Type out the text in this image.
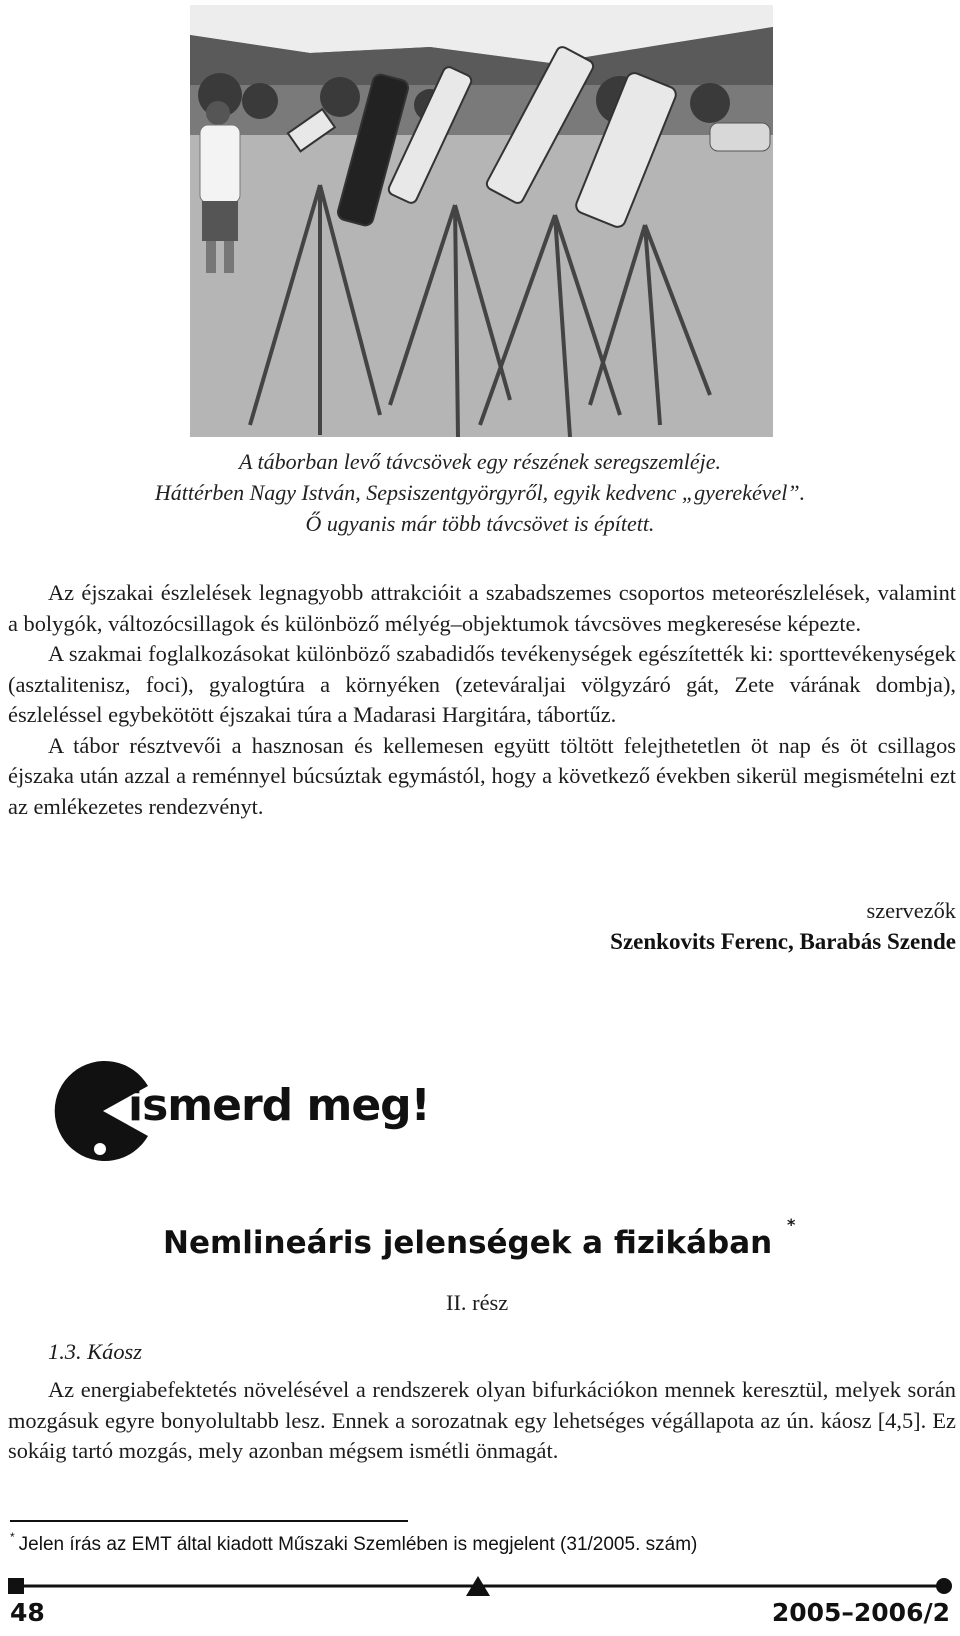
A táborban levő távcsövek egy részének seregszemléje.
Háttérben Nagy István, Sepsiszentgyörgyről, egyik kedvenc „gyerekével”.
Ő ugyanis már több távcsövet is épített.

Az éjszakai észlelések legnagyobb attrakcióit a szabadszemes csoportos meteorészlelések, valamint a bolygók, változócsillagok és különböző mélyég–objektumok távcsöves megkeresése képezte.

A szakmai foglalkozásokat különböző szabadidős tevékenységek egészítették ki: sporttevékenységek (asztalitenisz, foci), gyalogtúra a környéken (zeteváraljai völgyzáró gát, Zete várának dombja), észleléssel egybekötött éjszakai túra a Madarasi Hargitára, tábortűz.

A tábor résztvevői a hasznosan és kellemesen együtt töltött felejthetetlen öt nap és öt csillagos éjszaka után azzal a reménnyel búcsúztak egymástól, hogy a következő években sikerül megismételni ezt az emlékezetes rendezvényt.

szervezők
Szenkovits Ferenc, Barabás Szende
ismerd meg!
Nemlineáris jelenségek a fizikában
*
II. rész
1.3. Káosz

Az energiabefektetés növelésével a rendszerek olyan bifurkációkon mennek keresztül, melyek során mozgásuk egyre bonyolultabb lesz. Ennek a sorozatnak egy lehetséges végállapota az ún. káosz [4,5]. Ez sokáig tartó mozgás, mely azonban mégsem ismétli önmagát.

* Jelen írás az EMT által kiadott Műszaki Szemlében is megjelent (31/2005. szám)
48	2005–2006/2
